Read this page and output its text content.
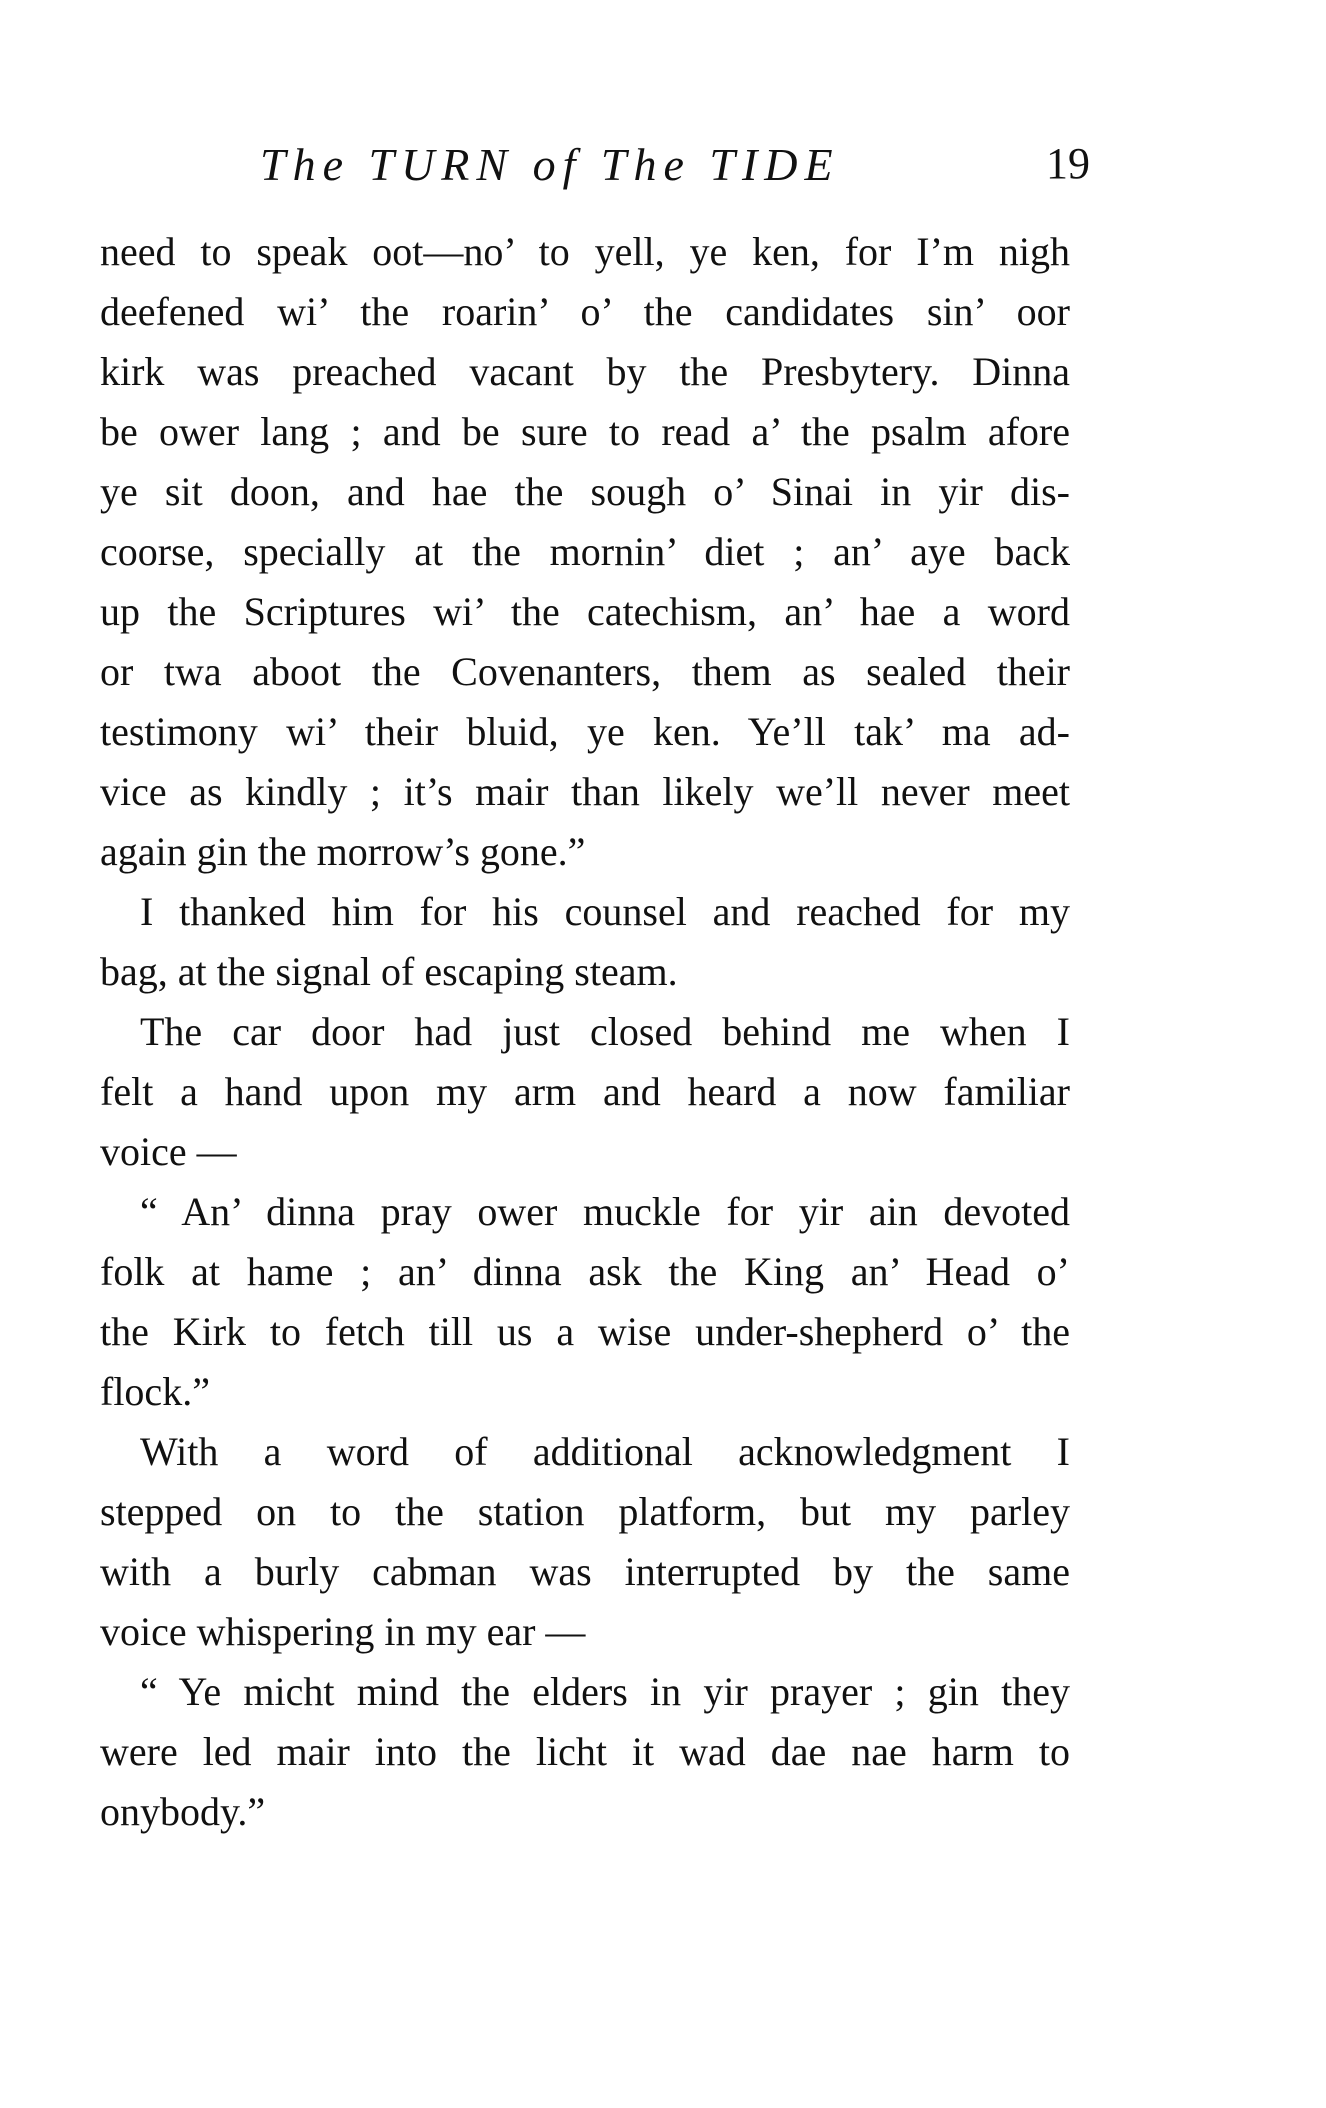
The TURN of The TIDE	19
need to speak oot—no’ to yell, ye ken, for I’m nigh
deefened wi’ the roarin’ o’ the candidates sin’ oor
kirk was preached vacant by the Presbytery. Dinna
be ower lang ; and be sure to read a’ the psalm afore
ye sit doon, and hae the sough o’ Sinai in yir dis-
coorse, specially at the mornin’ diet ; an’ aye back
up the Scriptures wi’ the catechism, an’ hae a word
or twa aboot the Covenanters, them as sealed their
testimony wi’ their bluid, ye ken. Ye’ll tak’ ma ad-
vice as kindly ; it’s mair than likely we’ll never meet
again gin the morrow’s gone.”
I thanked him for his counsel and reached for my
bag, at the signal of escaping steam.
The car door had just closed behind me when I
felt a hand upon my arm and heard a now familiar
voice —
“ An’ dinna pray ower muckle for yir ain devoted
folk at hame ; an’ dinna ask the King an’ Head o’
the Kirk to fetch till us a wise under-shepherd o’ the
flock.”
With a word of additional acknowledgment I
stepped on to the station platform, but my parley
with a burly cabman was interrupted by the same
voice whispering in my ear —
“ Ye micht mind the elders in yir prayer ; gin they
were led mair into the licht it wad dae nae harm to
onybody.”
